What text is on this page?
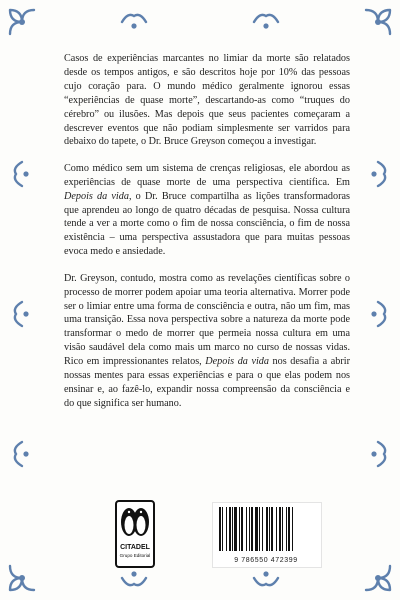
Casos de experiências marcantes no limiar da morte são relatados desde os tempos antigos, e são descritos hoje por 10% das pessoas cujo coração para. O mundo médico geralmente ignorou essas “experiências de quase morte”, descartando-as como “truques do cérebro” ou ilusões. Mas depois que seus pacientes começaram a descrever eventos que não podiam simplesmente ser varridos para debaixo do tapete, o Dr. Bruce Greyson começou a investigar.

Como médico sem um sistema de crenças religiosas, ele abordou as experiências de quase morte de uma perspectiva científica. Em Depois da vida, o Dr. Bruce compartilha as lições transformadoras que aprendeu ao longo de quatro décadas de pesquisa. Nossa cultura tende a ver a morte como o fim de nossa consciência, o fim de nossa existência – uma perspectiva assustadora que para muitas pessoas evoca medo e ansiedade.

Dr. Greyson, contudo, mostra como as revelações científicas sobre o processo de morrer podem apoiar uma teoria alternativa. Morrer pode ser o limiar entre uma forma de consciência e outra, não um fim, mas uma transição. Essa nova perspectiva sobre a natureza da morte pode transformar o medo de morrer que permeia nossa cultura em uma visão saudável dela como mais um marco no curso de nossas vidas. Rico em impressionantes relatos, Depois da vida nos desafia a abrir nossas mentes para essas experiências e para o que elas podem nos ensinar e, ao fazê-lo, expandir nossa compreensão da consciência e do que significa ser humano.

CITADEL
Grupo Editorial
9 786550 472399
